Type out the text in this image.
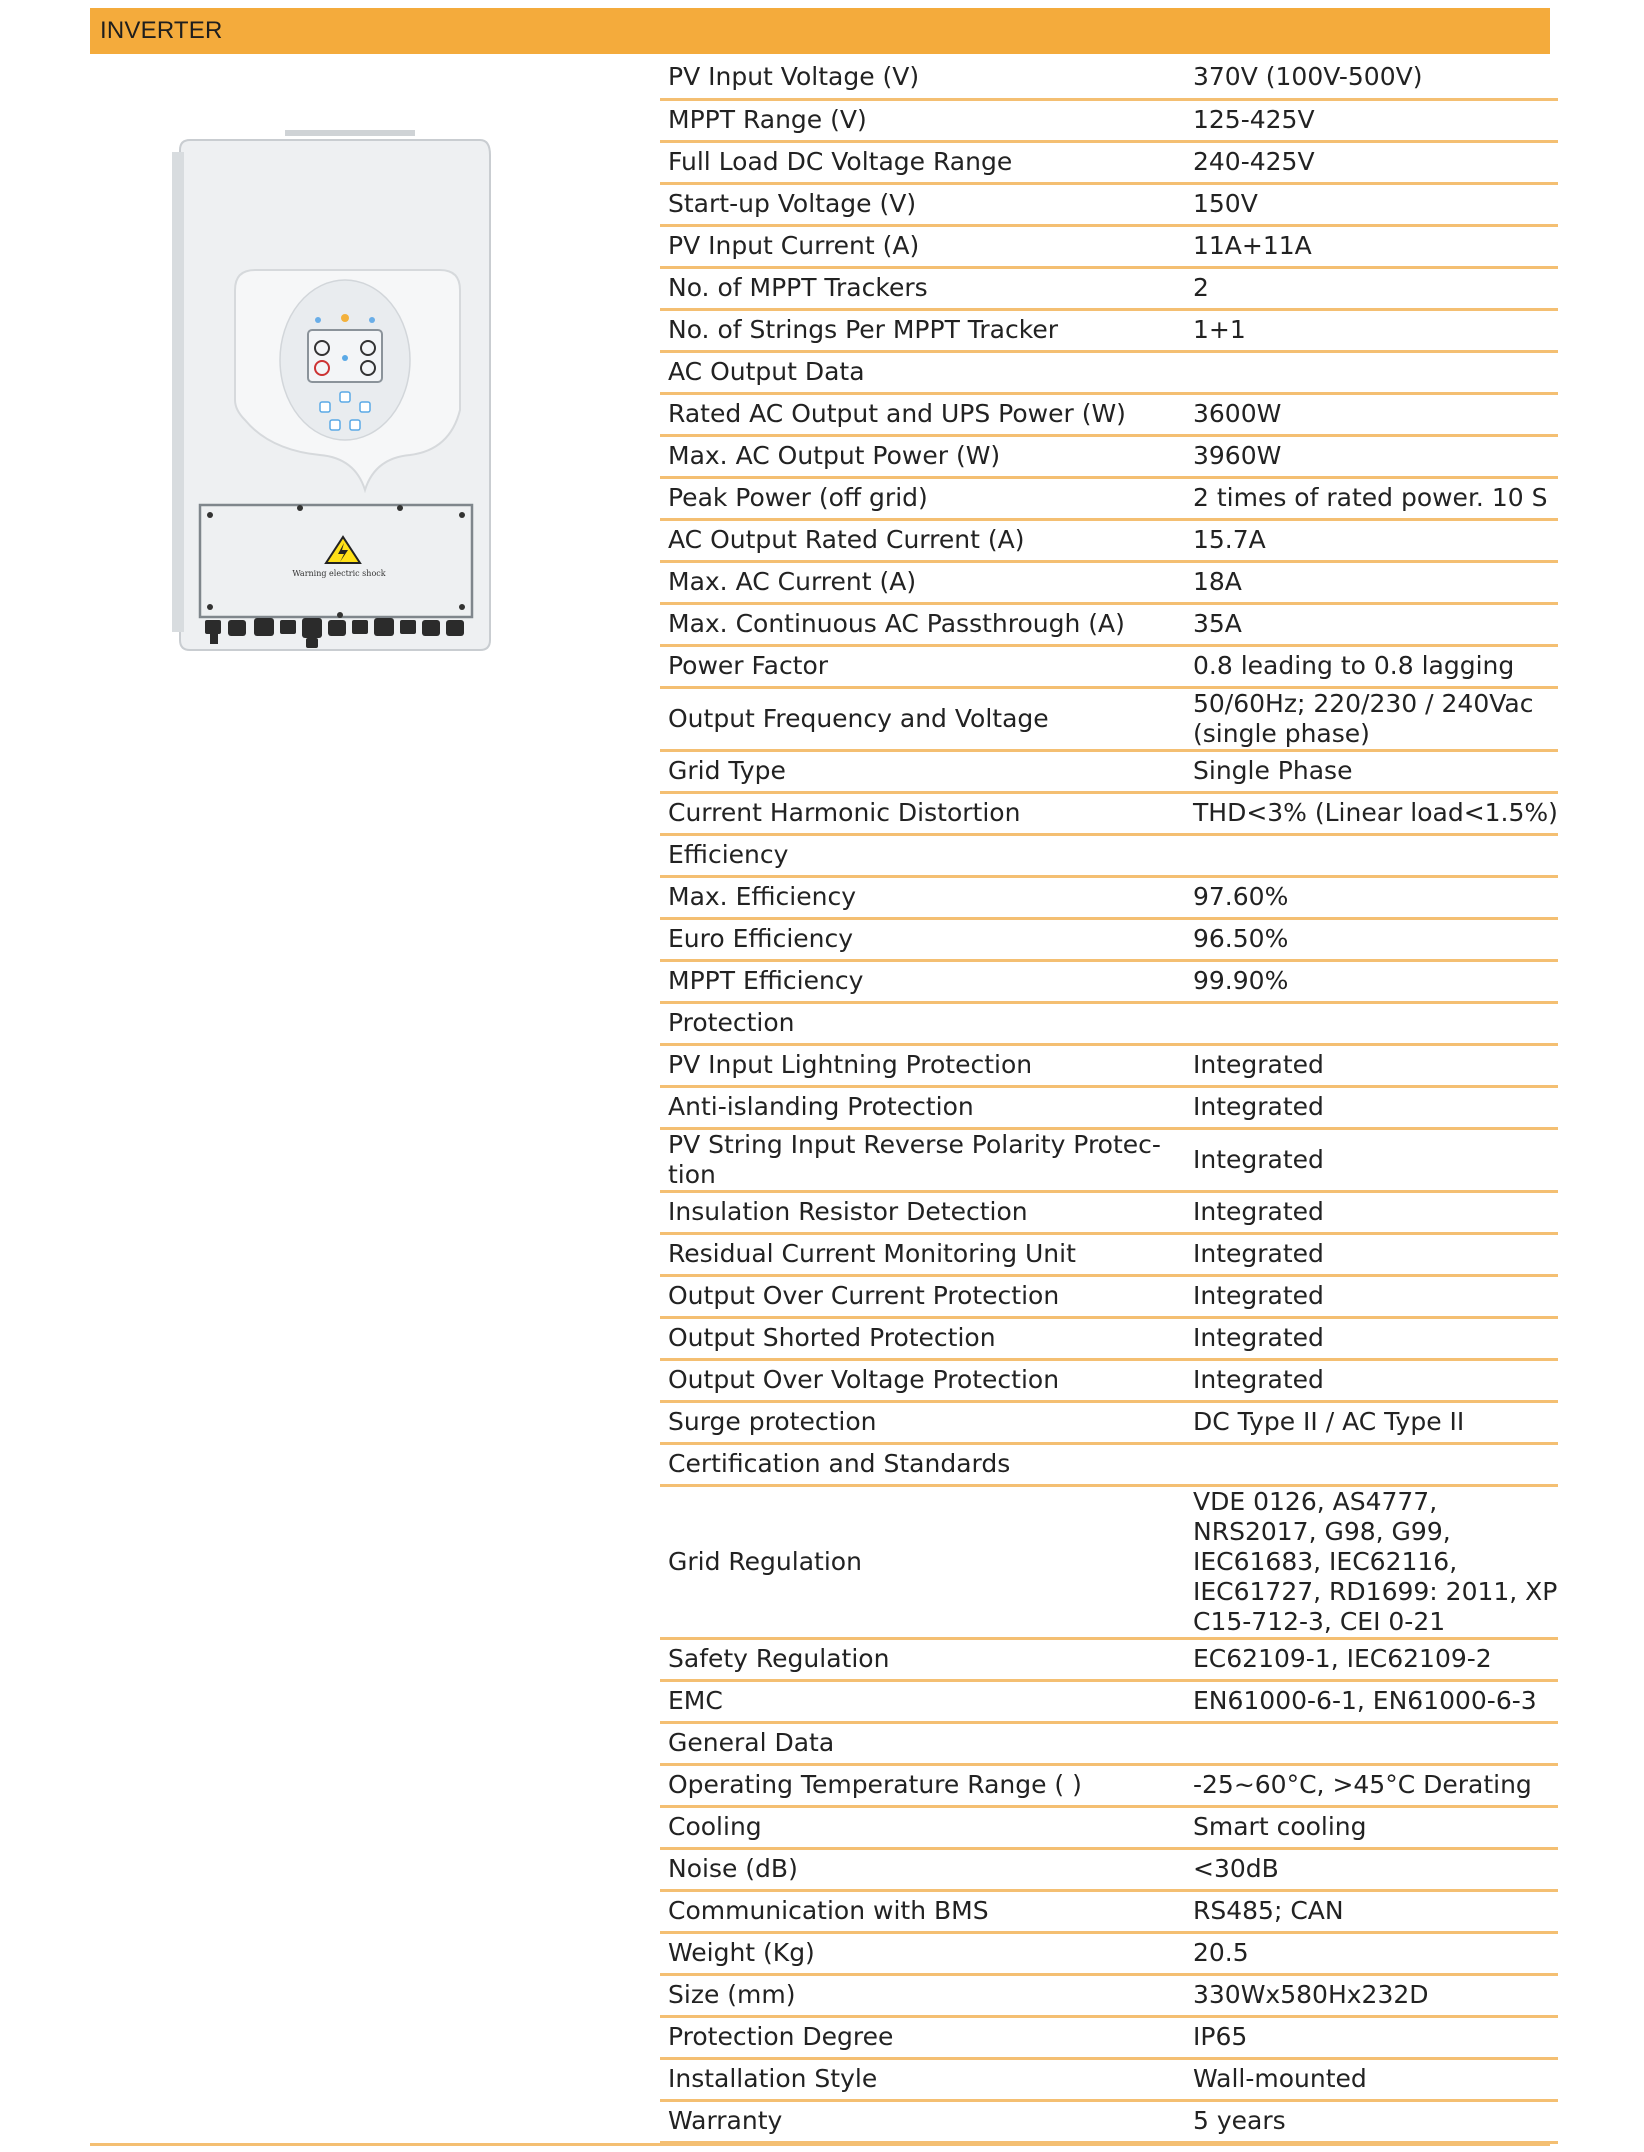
INVERTER
Warning electric shock
PV Input Voltage (V)	370V (100V-500V)
MPPT Range (V)	125-425V
Full Load DC Voltage Range	240-425V
Start-up Voltage (V)	150V
PV Input Current (A)	11A+11A
No. of MPPT Trackers	2
No. of Strings Per MPPT Tracker	1+1
AC Output Data	
Rated AC Output and UPS Power (W)	3600W
Max. AC Output Power (W)	3960W
Peak Power (off grid)	2 times of rated power. 10 S
AC Output Rated Current (A)	15.7A
Max. AC Current (A)	18A
Max. Continuous AC Passthrough (A)	35A
Power Factor	0.8 leading to 0.8 lagging
Output Frequency and Voltage	50/60Hz; 220/230 / 240Vac (single phase)
Grid Type	Single Phase
Current Harmonic Distortion	THD<3% (Linear load<1.5%)
Efficiency	
Max. Efficiency	97.60%
Euro Efficiency	96.50%
MPPT Efficiency	99.90%
Protection	
PV Input Lightning Protection	Integrated
Anti-islanding Protection	Integrated
PV String Input Reverse Polarity Protec-tion	Integrated
Insulation Resistor Detection	Integrated
Residual Current Monitoring Unit	Integrated
Output Over Current Protection	Integrated
Output Shorted Protection	Integrated
Output Over Voltage Protection	Integrated
Surge protection	DC Type II / AC Type II
Certification and Standards	
Grid Regulation	VDE 0126, AS4777, NRS2017, G98, G99, IEC61683, IEC62116, IEC61727, RD1699: 2011, XP C15-712-3, CEI 0-21
Safety Regulation	EC62109-1, IEC62109-2
EMC	EN61000-6-1, EN61000-6-3
General Data	
Operating Temperature Range ( )	-25~60°C, >45°C Derating
Cooling	Smart cooling
Noise (dB)	<30dB
Communication with BMS	RS485; CAN
Weight (Kg)	20.5
Size (mm)	330Wx580Hx232D
Protection Degree	IP65
Installation Style	Wall-mounted
Warranty	5 years
